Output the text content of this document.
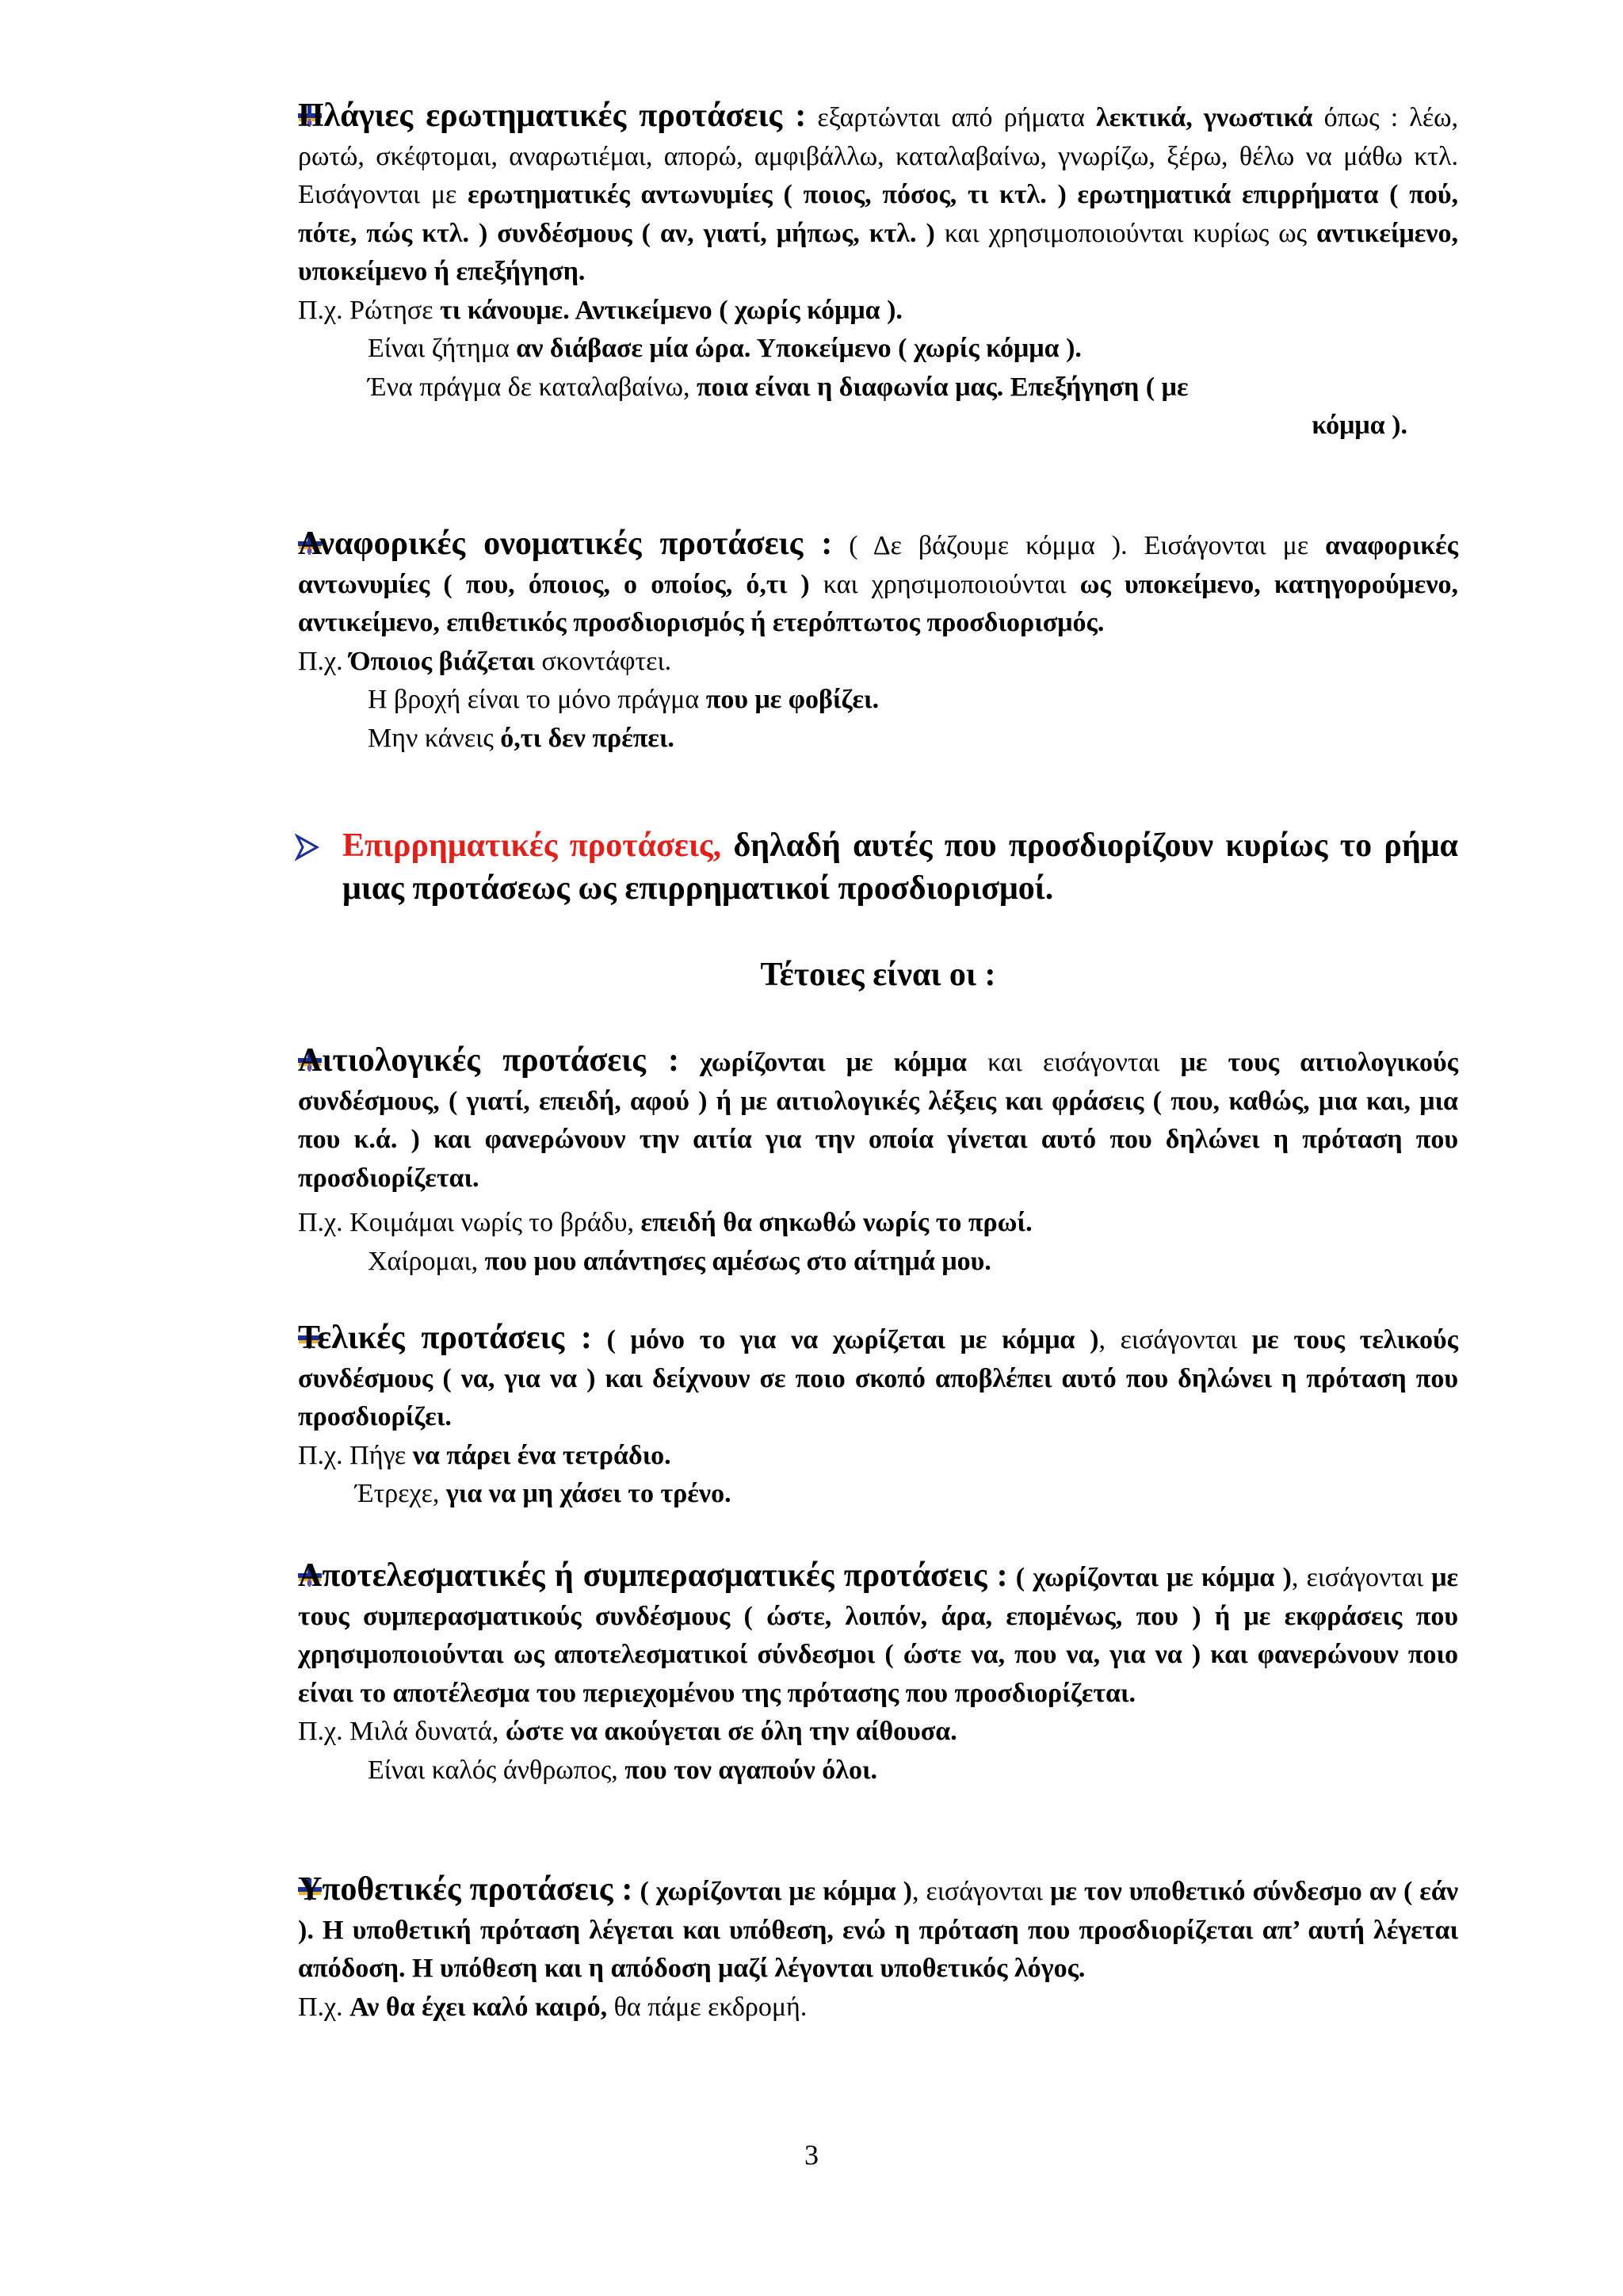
Πλάγιες ερωτηματικές προτάσεις : εξαρτώνται από ρήματα λεκτικά, γνωστικά όπως : λέω, ρωτώ, σκέφτομαι, αναρωτιέμαι, απορώ, αμφιβάλλω, καταλαβαίνω, γνωρίζω, ξέρω, θέλω να μάθω κτλ. Εισάγονται με ερωτηματικές αντωνυμίες ( ποιος, πόσος, τι κτλ. ) ερωτηματικά επιρρήματα ( πού, πότε, πώς κτλ. ) συνδέσμους ( αν, γιατί, μήπως, κτλ. ) και χρησιμοποιούνται κυρίως ως αντικείμενο, υποκείμενο ή επεξήγηση.

Π.χ. Ρώτησε τι κάνουμε. Αντικείμενο ( χωρίς κόμμα ).

Είναι ζήτημα αν διάβασε μία ώρα. Υποκείμενο ( χωρίς κόμμα ).

Ένα πράγμα δε καταλαβαίνω, ποια είναι η διαφωνία μας. Επεξήγηση ( με

κόμμα ).

Αναφορικές ονοματικές προτάσεις : ( Δε βάζουμε κόμμα ). Εισάγονται με αναφορικές αντωνυμίες ( που, όποιος, ο οποίος, ό,τι ) και χρησιμοποιούνται ως υποκείμενο, κατηγορούμενο, αντικείμενο, επιθετικός προσδιορισμός ή ετερόπτωτος προσδιορισμός.

Π.χ. Όποιος βιάζεται σκοντάφτει.

Η βροχή είναι το μόνο πράγμα που με φοβίζει.

Μην κάνεις ό,τι δεν πρέπει.

Επιρρηματικές προτάσεις, δηλαδή αυτές που προσδιορίζουν κυρίως το ρήμα μιας προτάσεως ως επιρρηματικοί προσδιορισμοί.

Τέτοιες είναι οι :

Αιτιολογικές προτάσεις : χωρίζονται με κόμμα και εισάγονται με τους αιτιολογικούς συνδέσμους, ( γιατί, επειδή, αφού ) ή με αιτιολογικές λέξεις και φράσεις ( που, καθώς, μια και, μια που κ.ά. ) και φανερώνουν την αιτία για την οποία γίνεται αυτό που δηλώνει η πρόταση που προσδιορίζεται.

Π.χ. Κοιμάμαι νωρίς το βράδυ, επειδή θα σηκωθώ νωρίς το πρωί.

Χαίρομαι, που μου απάντησες αμέσως στο αίτημά μου.

Τελικές προτάσεις : ( μόνο το για να χωρίζεται με κόμμα ), εισάγονται με τους τελικούς συνδέσμους ( να, για να ) και δείχνουν σε ποιο σκοπό αποβλέπει αυτό που δηλώνει η πρόταση που προσδιορίζει.

Π.χ. Πήγε να πάρει ένα τετράδιο.

Έτρεχε, για να μη χάσει το τρένο.

Αποτελεσματικές ή συμπερασματικές προτάσεις : ( χωρίζονται με κόμμα ), εισάγονται με τους συμπερασματικούς συνδέσμους ( ώστε, λοιπόν, άρα, επομένως, που ) ή με εκφράσεις που χρησιμοποιούνται ως αποτελεσματικοί σύνδεσμοι ( ώστε να, που να, για να ) και φανερώνουν ποιο είναι το αποτέλεσμα του περιεχομένου της πρότασης που προσδιορίζεται.

Π.χ. Μιλά δυνατά, ώστε να ακούγεται σε όλη την αίθουσα.

Είναι καλός άνθρωπος, που τον αγαπούν όλοι.

Υποθετικές προτάσεις : ( χωρίζονται με κόμμα ), εισάγονται με τον υποθετικό σύνδεσμο αν ( εάν ). Η υποθετική πρόταση λέγεται και υπόθεση, ενώ η πρόταση που προσδιορίζεται απ’ αυτή λέγεται απόδοση. Η υπόθεση και η απόδοση μαζί λέγονται υποθετικός λόγος.

Π.χ. Αν θα έχει καλό καιρό, θα πάμε εκδρομή.

3
